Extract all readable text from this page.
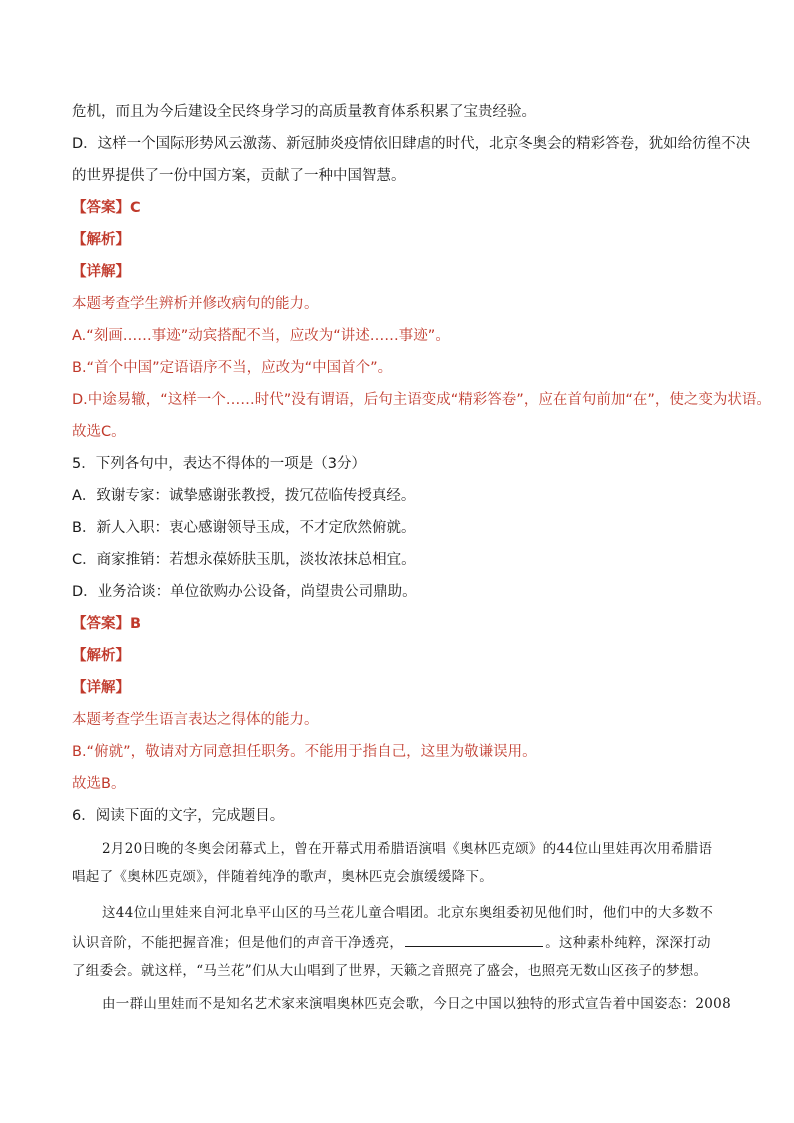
危机，而且为今后建设全民终身学习的高质量教育体系积累了宝贵经验。

D．这样一个国际形势风云激荡、新冠肺炎疫情依旧肆虐的时代，北京冬奥会的精彩答卷，犹如给彷徨不决

的世界提供了一份中国方案，贡献了一种中国智慧。

【答案】C

【解析】

【详解】

本题考查学生辨析并修改病句的能力。

A.“刻画……事迹”动宾搭配不当，应改为“讲述……事迹”。

B.“首个中国”定语语序不当，应改为“中国首个”。

D.中途易辙，“这样一个……时代”没有谓语，后句主语变成“精彩答卷”，应在首句前加“在”，使之变为状语。

故选C。

5．下列各句中，表达不得体的一项是（3分）

A．致谢专家：诚挚感谢张教授，拨冗莅临传授真经。

B．新人入职：衷心感谢领导玉成，不才定欣然俯就。

C．商家推销：若想永葆娇肤玉肌，淡妆浓抹总相宜。

D．业务洽谈：单位欲购办公设备，尚望贵公司鼎助。

【答案】B

【解析】

【详解】

本题考查学生语言表达之得体的能力。

B.“俯就”，敬请对方同意担任职务。不能用于指自己，这里为敬谦误用。

故选B。

6．阅读下面的文字，完成题目。

2月20日晚的冬奥会闭幕式上，曾在开幕式用希腊语演唱《奥林匹克颂》的44位山里娃再次用希腊语

唱起了《奥林匹克颂》，伴随着纯净的歌声，奥林匹克会旗缓缓降下。

这44位山里娃来自河北阜平山区的马兰花儿童合唱团。北京东奥组委初见他们时，他们中的大多数不

认识音阶，不能把握音准；但是他们的声音干净透亮，	。这种素朴纯粹，深深打动

了组委会。就这样，“马兰花”们从大山唱到了世界，天籁之音照亮了盛会，也照亮无数山区孩子的梦想。

由一群山里娃而不是知名艺术家来演唱奥林匹克会歌，今日之中国以独特的形式宣告着中国姿态：2008
